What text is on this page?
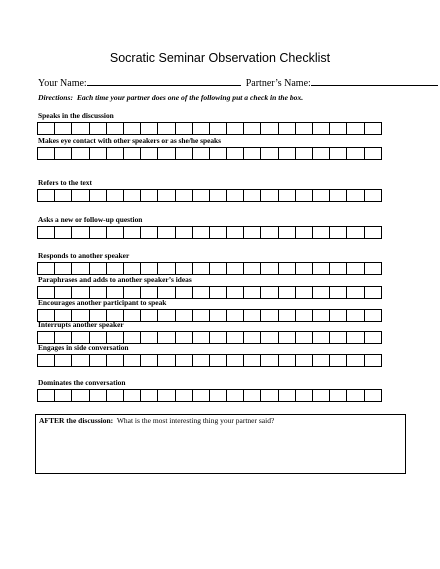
Socratic Seminar Observation Checklist
Your Name:	Partner’s Name:
Directions: Each time your partner does one of the following put a check in the box.
Speaks in the discussion
Makes eye contact with other speakers or as she/he speaks
Refers to the text
Asks a new or follow-up question
Responds to another speaker
Paraphrases and adds to another speaker’s ideas
Encourages another participant to speak
Interrupts another speaker
Engages in side conversation
Dominates the conversation
AFTER the discussion: What is the most interesting thing your partner said?
